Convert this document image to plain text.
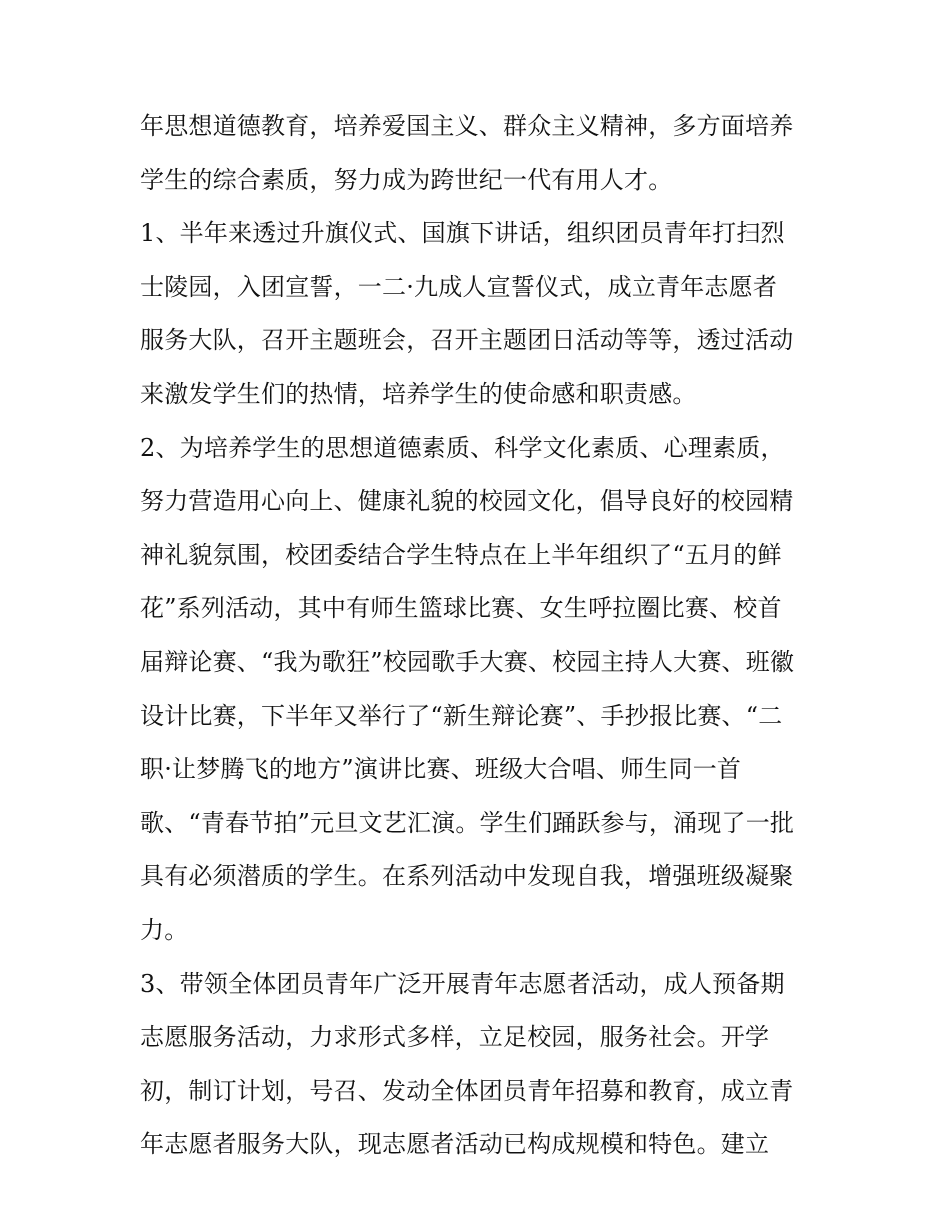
年思想道德教育，培养爱国主义、群众主义精神，多方面培养
学生的综合素质，努力成为跨世纪一代有用人才。
1、半年来透过升旗仪式、国旗下讲话，组织团员青年打扫烈
士陵园，入团宣誓，一二·九成人宣誓仪式，成立青年志愿者
服务大队，召开主题班会，召开主题团日活动等等，透过活动
来激发学生们的热情，培养学生的使命感和职责感。
2、为培养学生的思想道德素质、科学文化素质、心理素质，
努力营造用心向上、健康礼貌的校园文化，倡导良好的校园精
神礼貌氛围，校团委结合学生特点在上半年组织了“五月的鲜
花”系列活动，其中有师生篮球比赛、女生呼拉圈比赛、校首
届辩论赛、“我为歌狂”校园歌手大赛、校园主持人大赛、班徽
设计比赛，下半年又举行了“新生辩论赛”、手抄报比赛、“二
职·让梦腾飞的地方”演讲比赛、班级大合唱、师生同一首
歌、“青春节拍”元旦文艺汇演。学生们踊跃参与，涌现了一批
具有必须潜质的学生。在系列活动中发现自我，增强班级凝聚
力。
3、带领全体团员青年广泛开展青年志愿者活动，成人预备期
志愿服务活动，力求形式多样，立足校园，服务社会。开学
初，制订计划，号召、发动全体团员青年招募和教育，成立青
年志愿者服务大队，现志愿者活动已构成规模和特色。建立
